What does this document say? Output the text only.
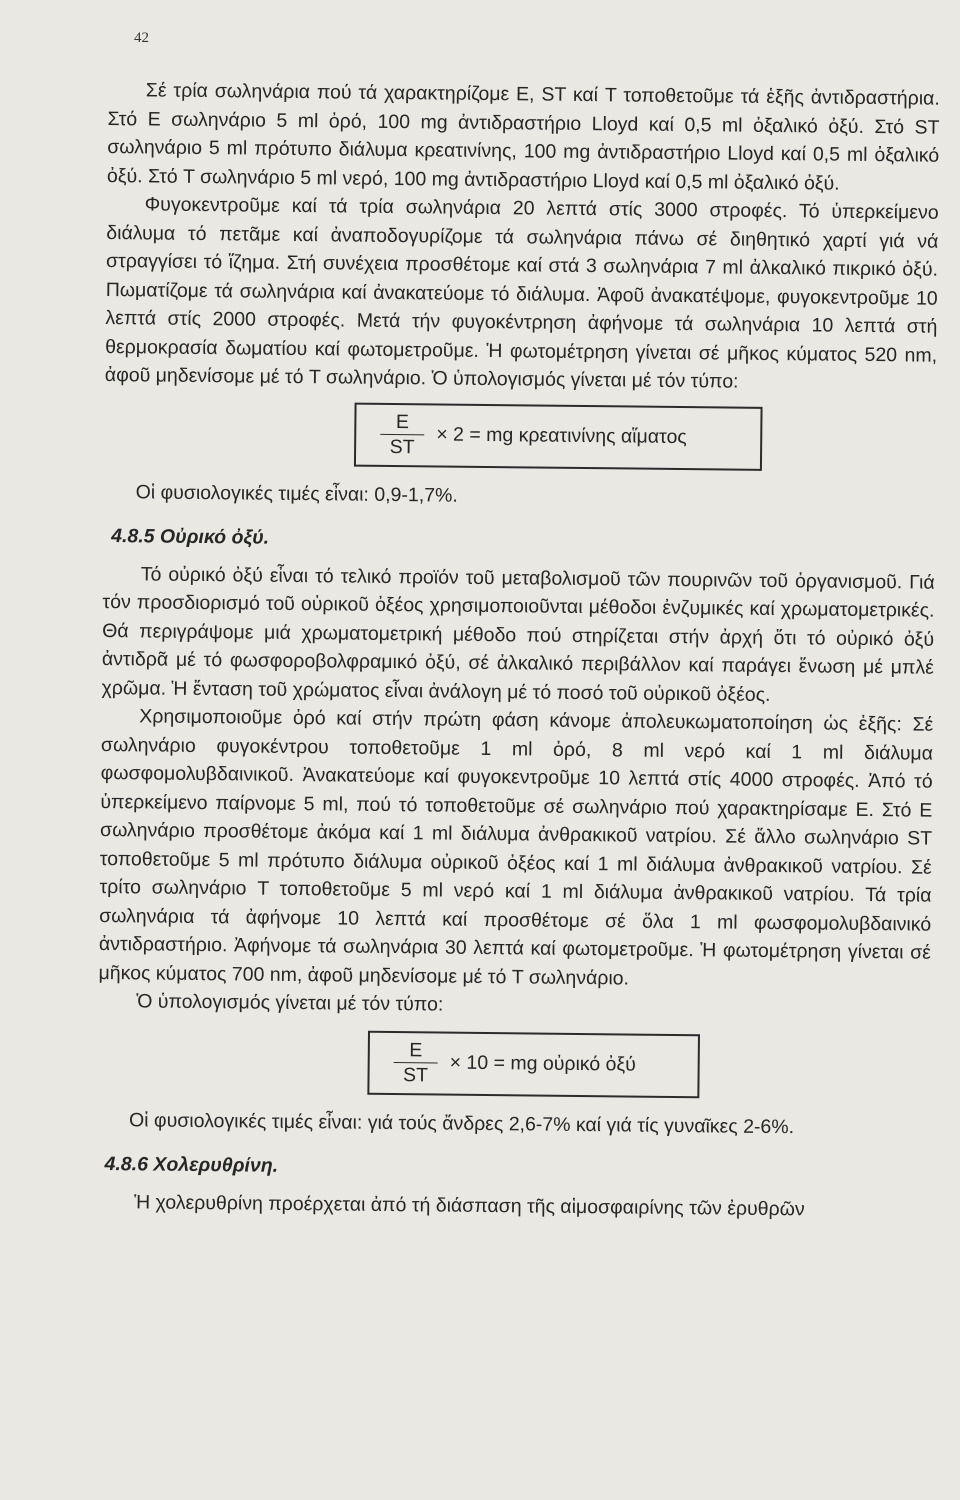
42

Σέ τρία σωληνάρια πού τά χαρακτηρίζομε E, ST καί T τοποθετοῦμε τά ἑξῆς ἀντιδραστήρια. Στό E σωληνάριο 5 ml ὀρό, 100 mg ἀντιδραστήριο Lloyd καί 0,5 ml ὀξαλικό ὀξύ. Στό ST σωληνάριο 5 ml πρότυπο διάλυμα κρεατινίνης, 100 mg ἀντιδραστήριο Lloyd καί 0,5 ml ὀξαλικό ὀξύ. Στό T σωληνάριο 5 ml νερό, 100 mg ἀντιδραστήριο Lloyd καί 0,5 ml ὀξαλικό ὀξύ.

Φυγοκεντροῦμε καί τά τρία σωληνάρια 20 λεπτά στίς 3000 στροφές. Τό ὑπερκείμενο διάλυμα τό πετᾶμε καί ἀναποδογυρίζομε τά σωληνάρια πάνω σέ διηθητικό χαρτί γιά νά στραγγίσει τό ἵζημα. Στή συνέχεια προσθέτομε καί στά 3 σωληνάρια 7 ml ἀλκαλικό πικρικό ὀξύ. Πωματίζομε τά σωληνάρια καί ἀνακατεύομε τό διάλυμα. Ἀφοῦ ἀνακατέψομε, φυγοκεντροῦμε 10 λεπτά στίς 2000 στροφές. Μετά τήν φυγοκέντρηση ἀφήνομε τά σωληνάρια 10 λεπτά στή θερμοκρασία δωματίου καί φωτομετροῦμε. Ἡ φωτομέτρηση γίνεται σέ μῆκος κύματος 520 nm, ἀφοῦ μηδενίσομε μέ τό T σωληνάριο. Ὁ ὑπολογισμός γίνεται μέ τόν τύπο:

$\frac{E}{ST} \times 2$ = mg κρεατινίνης αἵματος
Οἱ φυσιολογικές τιμές εἶναι: 0,9-1,7%.
4.8.5 Οὐρικό ὀξύ.

Τό οὐρικό ὀξύ εἶναι τό τελικό προϊόν τοῦ μεταβολισμοῦ τῶν πουρινῶν τοῦ ὀργανισμοῦ. Γιά τόν προσδιορισμό τοῦ οὐρικοῦ ὀξέος χρησιμοποιοῦνται μέθοδοι ἐνζυμικές καί χρωματομετρικές. Θά περιγράψομε μιά χρωματομετρική μέθοδο πού στηρίζεται στήν ἀρχή ὅτι τό οὐρικό ὀξύ ἀντιδρᾶ μέ τό φωσφοροβολφραμικό ὀξύ, σέ ἀλκαλικό περιβάλλον καί παράγει ἕνωση μέ μπλέ χρῶμα. Ἡ ἔνταση τοῦ χρώματος εἶναι ἀνάλογη μέ τό ποσό τοῦ οὐρικοῦ ὀξέος.

Χρησιμοποιοῦμε ὀρό καί στήν πρώτη φάση κάνομε ἀπολευκωματοποίηση ὡς ἑξῆς: Σέ σωληνάριο φυγοκέντρου τοποθετοῦμε 1 ml ὀρό, 8 ml νερό καί 1 ml διάλυμα φωσφομολυβδαινικοῦ. Ἀνακατεύομε καί φυγοκεντροῦμε 10 λεπτά στίς 4000 στροφές. Ἀπό τό ὑπερκείμενο παίρνομε 5 ml, πού τό τοποθετοῦμε σέ σωληνάριο πού χαρακτηρίσαμε E. Στό E σωληνάριο προσθέτομε ἀκόμα καί 1 ml διάλυμα ἀνθρακικοῦ νατρίου. Σέ ἄλλο σωληνάριο ST τοποθετοῦμε 5 ml πρότυπο διάλυμα οὐρικοῦ ὀξέος καί 1 ml διάλυμα ἀνθρακικοῦ νατρίου. Σέ τρίτο σωληνάριο T τοποθετοῦμε 5 ml νερό καί 1 ml διάλυμα ἀνθρακικοῦ νατρίου. Τά τρία σωληνάρια τά ἀφήνομε 10 λεπτά καί προσθέτομε σέ ὅλα 1 ml φωσφομολυβδαινικό ἀντιδραστήριο. Ἀφήνομε τά σωληνάρια 30 λεπτά καί φωτομετροῦμε. Ἡ φωτομέτρηση γίνεται σέ μῆκος κύματος 700 nm, ἀφοῦ μηδενίσομε μέ τό T σωληνάριο.

Ὁ ὑπολογισμός γίνεται μέ τόν τύπο:

$\frac{E}{ST} \times 10$ = mg οὐρικό ὀξύ
Οἱ φυσιολογικές τιμές εἶναι: γιά τούς ἄνδρες 2,6-7% καί γιά τίς γυναῖκες 2-6%.
4.8.6 Χολερυθρίνη.

Ἡ χολερυθρίνη προέρχεται ἀπό τή διάσπαση τῆς αἱμοσφαιρίνης τῶν ἐρυθρῶν
